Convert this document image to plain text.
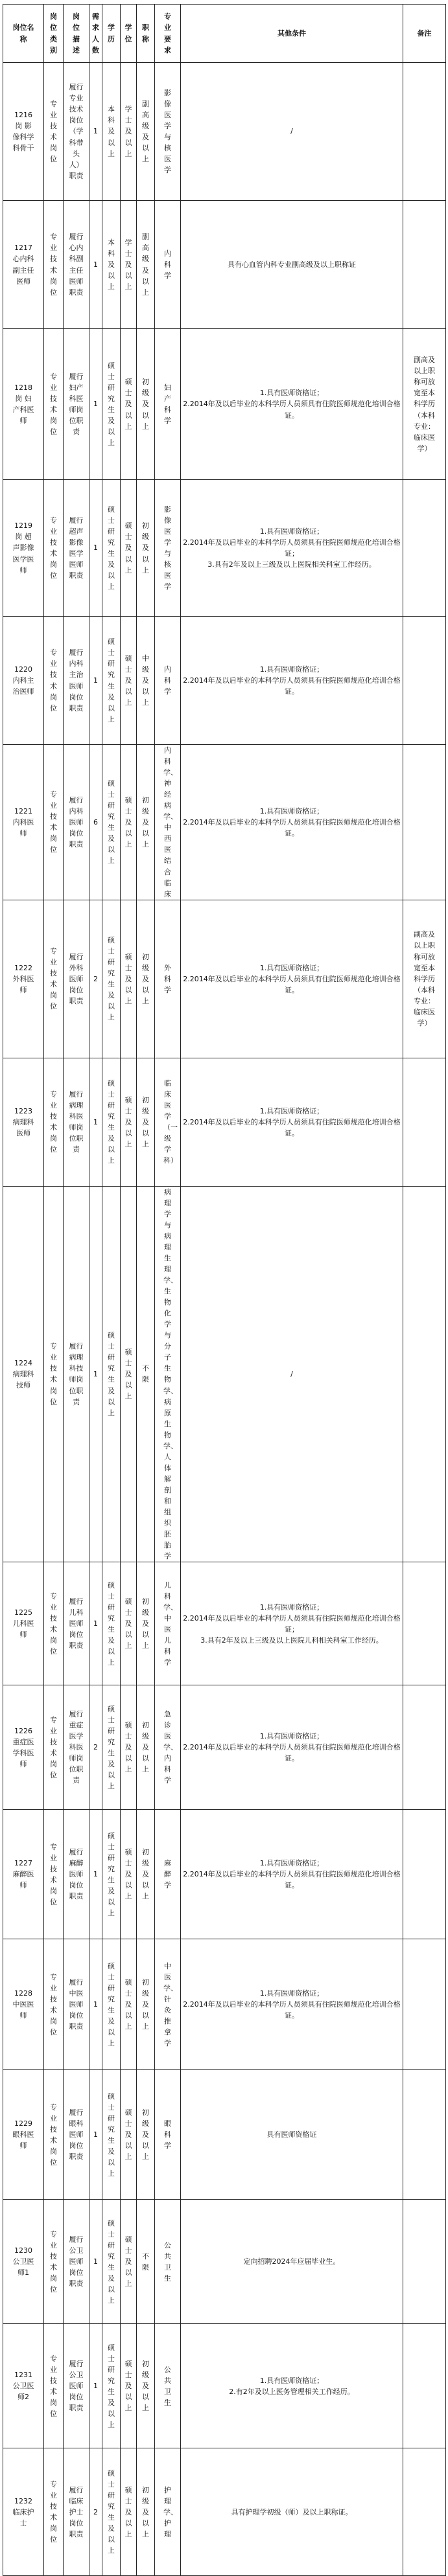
岗位名称	岗位类别	岗位描述	需求人数	学历	学位	职称	专业要求	其他条件	备注

1216岗 影像科学科骨干	专业技术岗位	履行专业技术岗位（学科带头人）职责	1	本科及以上	学士及以上	副高级及以上	影像医学与核医学	/	

1217心内科副主任医师	专业技术岗位	履行心内科副主任医师职责	1	本科及以上	学士及以上	副高级及以上	内科学	具有心血管内科专业副高级及以上职称证	

1218岗 妇产科医师	专业技术岗位	履行妇产科医师岗位职责	1	硕士研究生及以上	硕士及以上	初级及以上	妇产科学	1.具有医师资格证；

2.2014年及以后毕业的本科学历人员须具有住院医师规范化培训合格证。	副高及以上职称可放宽至本科学历（本科专业：临床医学）

1219岗 超声影像医学医师	专业技术岗位	履行超声影像医学医师职责	1	硕士研究生及以上	硕士及以上	初级及以上	影像医学与核医学	1.具有医师资格证；

2.2014年及以后毕业的本科学历人员须具有住院医师规范化培训合格证；

3.具有2年及以上三级及以上医院相关科室工作经历。	

1220内科主治医师	专业技术岗位	履行内科主治医师岗位职责	1	硕士研究生及以上	硕士及以上	中级及以上	内科学	1.具有医师资格证；

2.2014年及以后毕业的本科学历人员须具有住院医师规范化培训合格证。	

1221内科医师	专业技术岗位	履行内科医师岗位职责	6	硕士研究生及以上	硕士及以上	初级及以上	内科学、神经病学、中西医结合临床	1.具有医师资格证；

2.2014年及以后毕业的本科学历人员须具有住院医师规范化培训合格证。	

1222外科医师	专业技术岗位	履行外科医师岗位职责	2	硕士研究生及以上	硕士及以上	初级及以上	外科学	1.具有医师资格证；

2.2014年及以后毕业的本科学历人员须具有住院医师规范化培训合格证。	副高及以上职称可放宽至本科学历（本科专业：临床医学）

1223病理科医师	专业技术岗位	履行病理科医师岗位职责	1	硕士研究生及以上	硕士及以上	初级及以上	临床医学（一级学科）	1.具有医师资格证；

2.2014年及以后毕业的本科学历人员须具有住院医师规范化培训合格证。	

1224病理科技师	专业技术岗位	履行病理科技师岗位职责	1	硕士研究生及以上	硕士及以上	不限	病理学与病理生理学、生物化学与分子生物学、病原生物学、人体解剖和组织胚胎学	/	

1225儿科医师	专业技术岗位	履行儿科医师岗位职责	1	硕士研究生及以上	硕士及以上	初级及以上	儿科学、中医儿科学	1.具有医师资格证；

2.2014年及以后毕业的本科学历人员须具有住院医师规范化培训合格证；

3.具有2年及以上三级及以上医院儿科相关科室工作经历。	

1226重症医学科医师	专业技术岗位	履行重症医学科医师岗位职责	2	硕士研究生及以上	硕士及以上	初级及以上	急诊医学、内科学	1.具有医师资格证；

2.2014年及以后毕业的本科学历人员须具有住院医师规范化培训合格证。	

1227麻醉医师	专业技术岗位	履行麻醉医师岗位职责	1	硕士研究生及以上	硕士及以上	初级及以上	麻醉学	1.具有医师资格证；

2.2014年及以后毕业的本科学历人员须具有住院医师规范化培训合格证。	

1228中医医师	专业技术岗位	履行中医医师岗位职责	1	硕士研究生及以上	硕士及以上	初级及以上	中医学、针灸推拿学	1.具有医师资格证；

2.2014年及以后毕业的本科学历人员须具有住院医师规范化培训合格证。	

1229眼科医师	专业技术岗位	履行眼科医师岗位职责	1	硕士研究生及以上	硕士及以上	初级及以上	眼科学	具有医师资格证	

1230公卫医师1	专业技术岗位	履行公卫医师岗位职责	1	硕士研究生及以上	硕士及以上	不限	公共卫生	定向招聘2024年应届毕业生。	

1231公卫医师2	专业技术岗位	履行公卫医师岗位职责	1	硕士研究生及以上	硕士及以上	初级及以上	公共卫生	1.具有医师资格证；

2.有2年及以上医务管理相关工作经历。	

1232临床护士	专业技术岗位	履行临床护士岗位职责	2	硕士研究生及以上	硕士及以上	初级及以上	护理学、护理	具有护理学初级（师）及以上职称证。	
